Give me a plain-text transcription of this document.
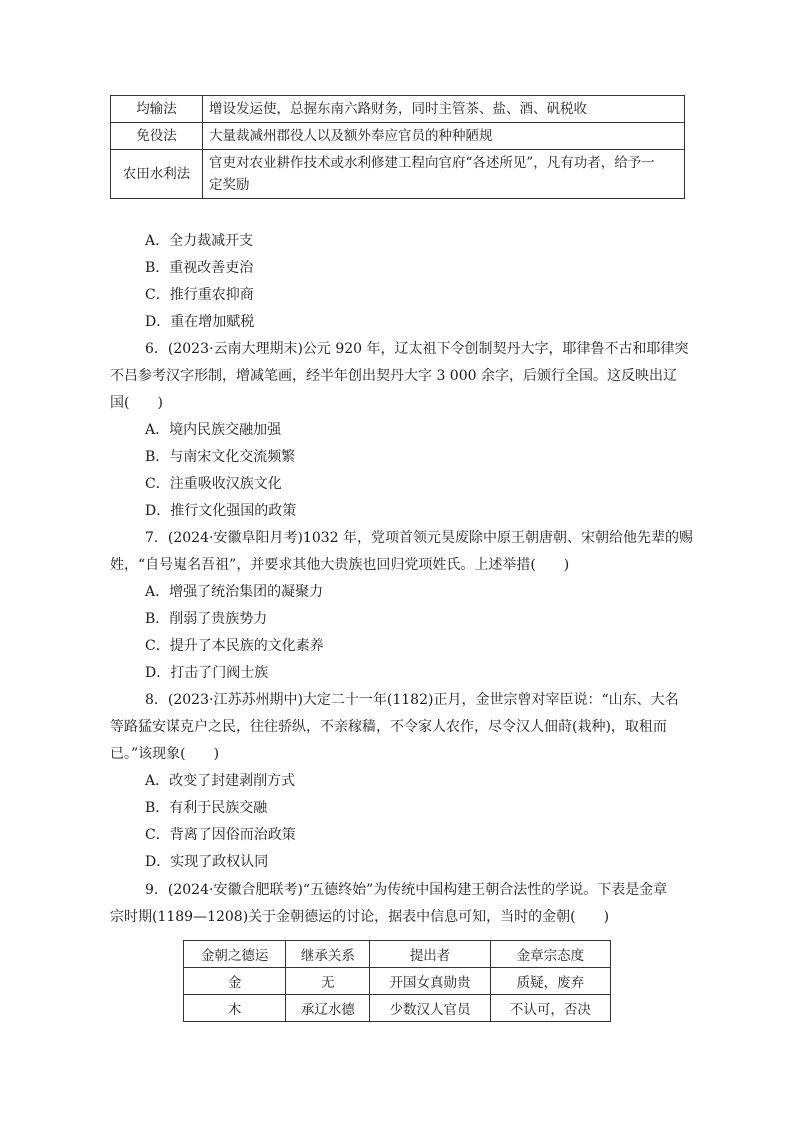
均输法	增设发运使，总握东南六路财务，同时主管茶、盐、酒、矾税收
免役法	大量裁减州郡役人以及额外奉应官员的种种陋规
农田水利法	官吏对农业耕作技术或水利修建工程向官府“各述所见”，凡有功者，给予一
定奖励
A．全力裁减开支
B．重视改善吏治
C．推行重农抑商
D．重在增加赋税
6．(2023·云南大理期末)公元 920 年，辽太祖下令创制契丹大字，耶律鲁不古和耶律突
不吕参考汉字形制，增减笔画，经半年创出契丹大字 3 000 余字，后颁行全国。这反映出辽
国(　　)
A．境内民族交融加强
B．与南宋文化交流频繁
C．注重吸收汉族文化
D．推行文化强国的政策
7．(2024·安徽阜阳月考)1032 年，党项首领元昊废除中原王朝唐朝、宋朝给他先辈的赐
姓，“自号嵬名吾祖”，并要求其他大贵族也回归党项姓氏。上述举措(　　)
A．增强了统治集团的凝聚力
B．削弱了贵族势力
C．提升了本民族的文化素养
D．打击了门阀士族
8．(2023·江苏苏州期中)大定二十一年(1182)正月，金世宗曾对宰臣说：“山东、大名
等路猛安谋克户之民，往往骄纵，不亲稼穑，不令家人农作，尽令汉人佃莳(栽种)，取租而
已。”该现象(　　)
A．改变了封建剥削方式
B．有利于民族交融
C．背离了因俗而治政策
D．实现了政权认同
9．(2024·安徽合肥联考)“五德终始”为传统中国构建王朝合法性的学说。下表是金章
宗时期(1189—1208)关于金朝德运的讨论，据表中信息可知，当时的金朝(　　)
金朝之德运	继承关系	提出者	金章宗态度
金	无	开国女真勋贵	质疑，废弃
木	承辽水德	少数汉人官员	不认可，否决
